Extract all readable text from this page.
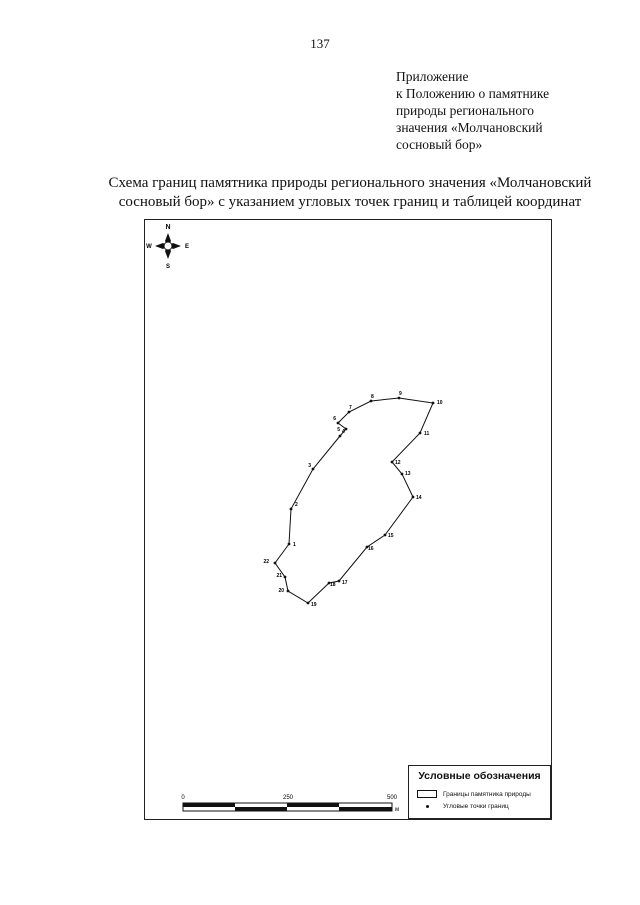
137
Приложение
к Положению о памятнике
природы регионального
значения «Молчановский
сосновый бор»
Схема границ памятника природы регионального значения «Молчановский
сосновый бор» с указанием угловых точек границ и таблицей координат
N
S
E
W
1
2
3
4
5
6
7
8	9
10
11
12
13
14
15
16
17
18
19
20
21
22
0	250	500
м
Условные обозначения
Границы памятника природы
Угловые точки границ
